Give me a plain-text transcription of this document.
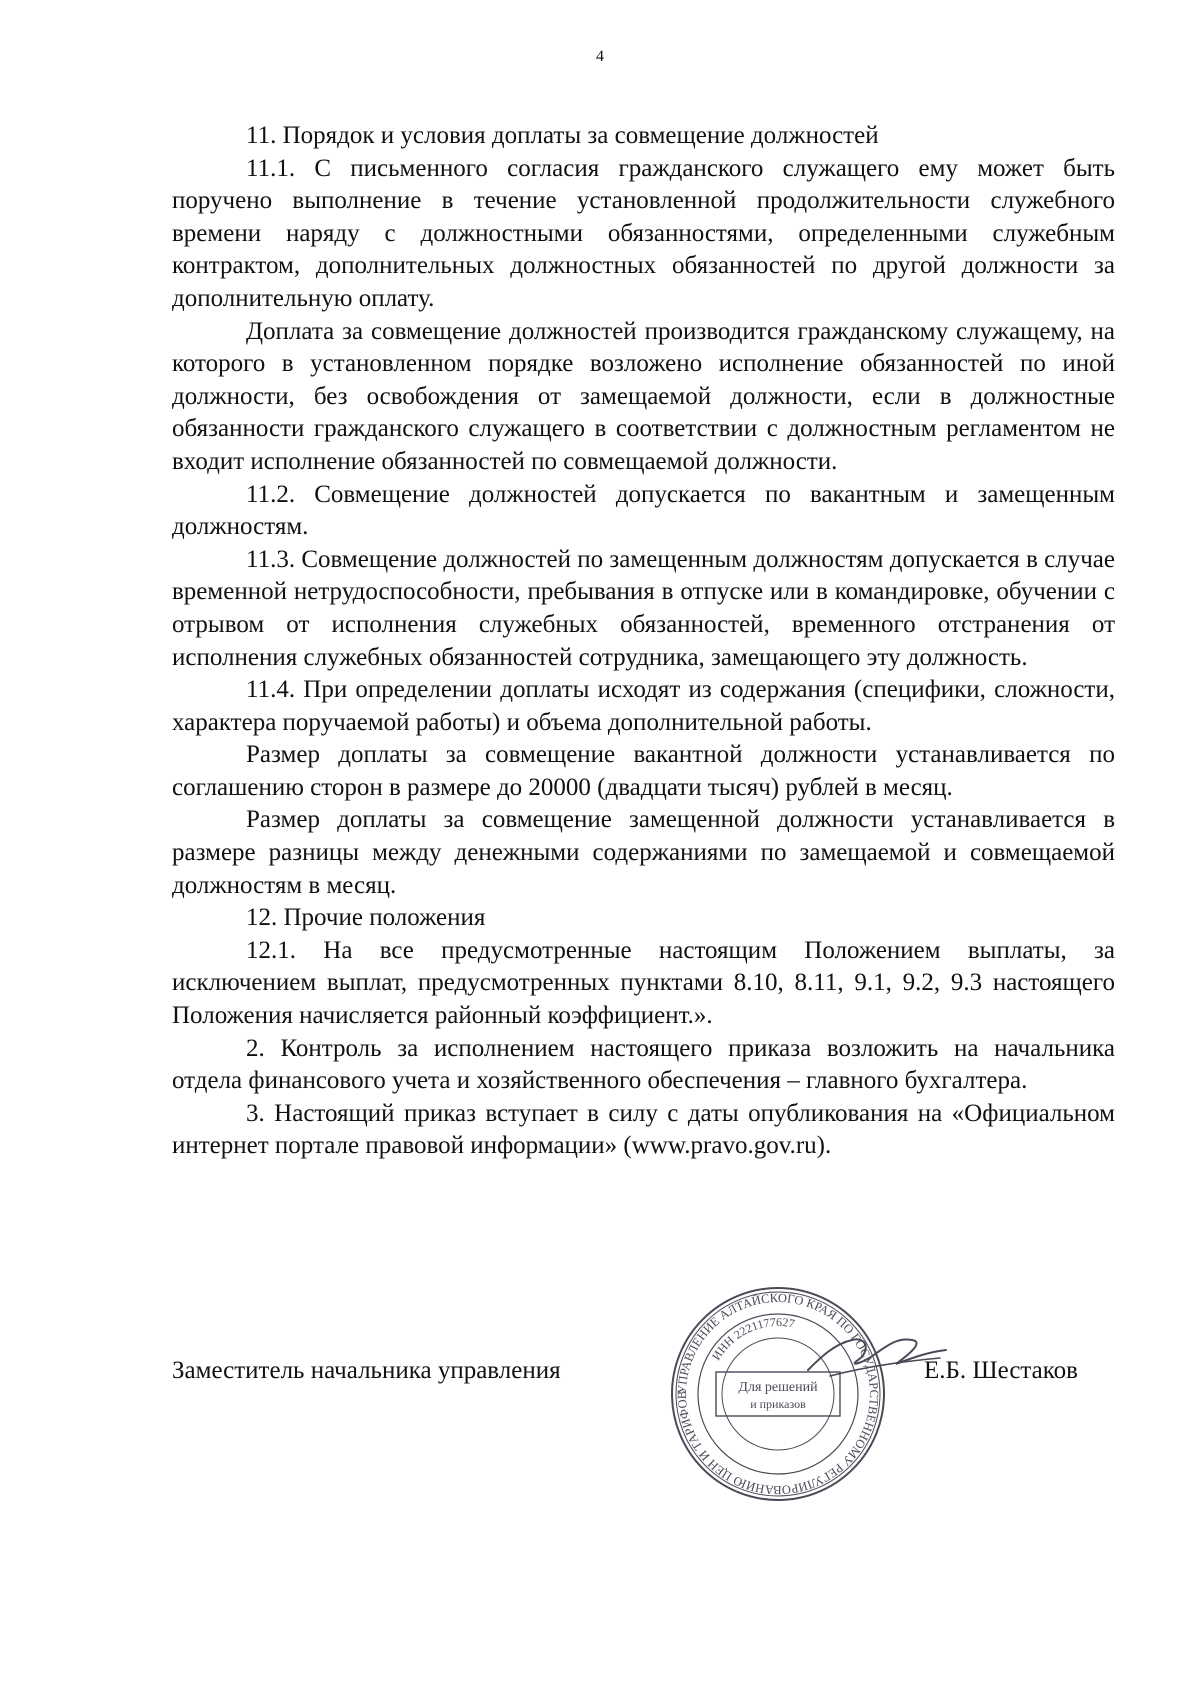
4

11. Порядок и условия доплаты за совмещение должностей

11.1. С письменного согласия гражданского служащего ему может быть поручено выполнение в течение установленной продолжительности служебного времени наряду с должностными обязанностями, определенными служебным контрактом, дополнительных должностных обязанностей по другой должности за дополнительную оплату.

Доплата за совмещение должностей производится гражданскому служащему, на которого в установленном порядке возложено исполнение обязанностей по иной должности, без освобождения от замещаемой должности, если в должностные обязанности гражданского служащего в соответствии с должностным регламентом не входит исполнение обязанностей по совмещаемой должности.

11.2. Совмещение должностей допускается по вакантным и замещенным должностям.

11.3. Совмещение должностей по замещенным должностям допускается в случае временной нетрудоспособности, пребывания в отпуске или в командировке, обучении с отрывом от исполнения служебных обязанностей, временного отстранения от исполнения служебных обязанностей сотрудника, замещающего эту должность.

11.4. При определении доплаты исходят из содержания (специфики, сложности, характера поручаемой работы) и объема дополнительной работы.

Размер доплаты за совмещение вакантной должности устанавливается по соглашению сторон в размере до 20000 (двадцати тысяч) рублей в месяц.

Размер доплаты за совмещение замещенной должности устанавливается в размере разницы между денежными содержаниями по замещаемой и совмещаемой должностям в месяц.

12. Прочие положения

12.1. На все предусмотренные настоящим Положением выплаты, за исключением выплат, предусмотренных пунктами 8.10, 8.11, 9.1, 9.2, 9.3 настоящего Положения начисляется районный коэффициент.».

2. Контроль за исполнением настоящего приказа возложить на начальника отдела финансового учета и хозяйственного обеспечения – главного бухгалтера.

3. Настоящий приказ вступает в силу с даты опубликования на «Официальном интернет портале правовой информации» (www.pravo.gov.ru).

Заместитель начальника управления	Е.Б. Шестаков
УПРАВЛЕНИЕ АЛТАЙСКОГО КРАЯ ПО ГОСУДАРСТВЕННОМУ РЕГУЛИРОВАНИЮ ЦЕН И ТАРИФОВ
ИНН 2221177627
Для решений
и приказов
